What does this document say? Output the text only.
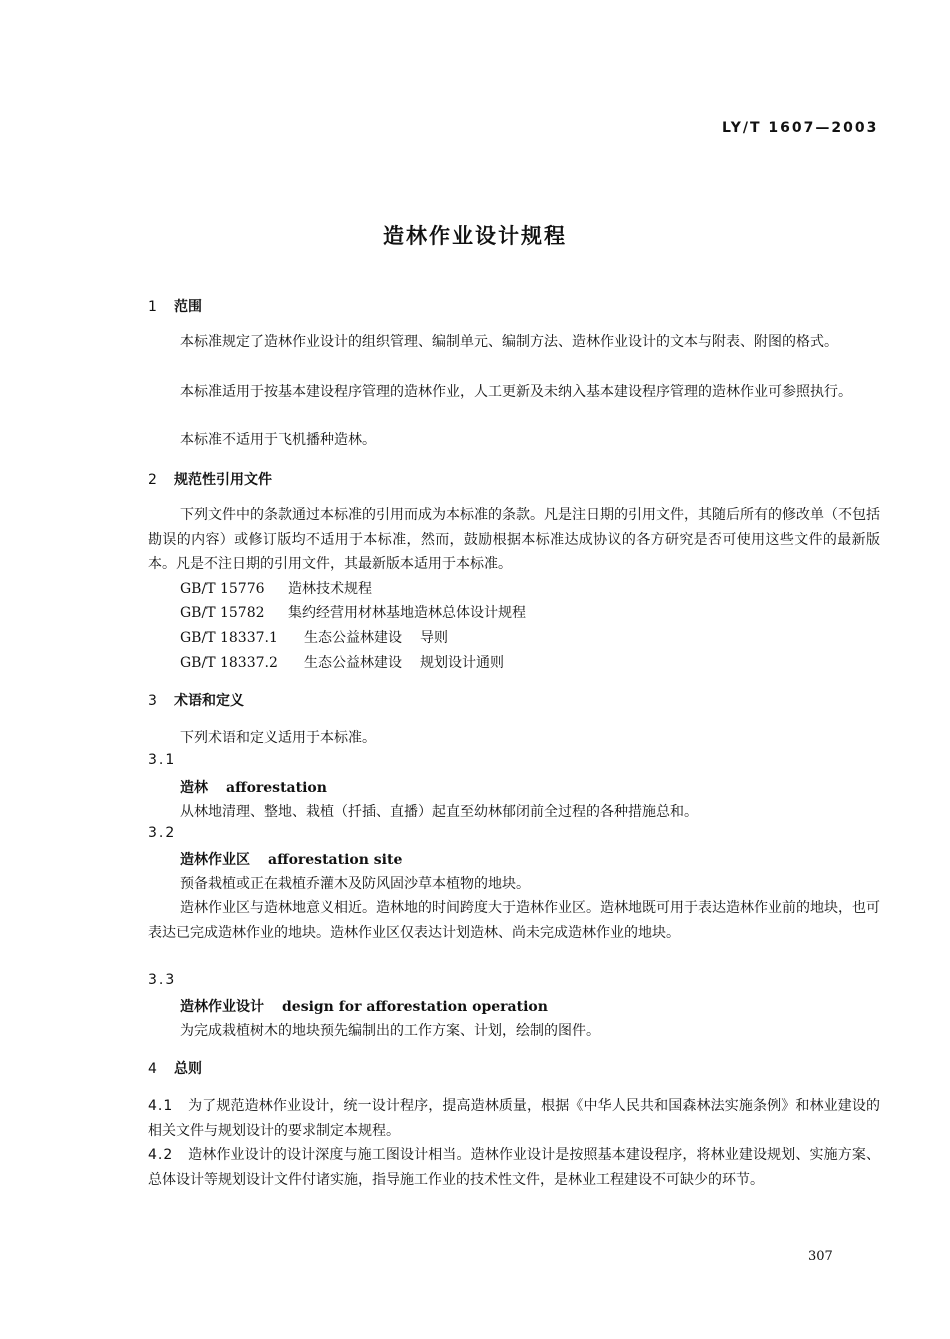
LY/T 1607—2003
造林作业设计规程
1 范围
本标准规定了造林作业设计的组织管理、编制单元、编制方法、造林作业设计的文本与附表、附图的格式。
本标准适用于按基本建设程序管理的造林作业，人工更新及未纳入基本建设程序管理的造林作业可参照执行。
本标准不适用于飞机播种造林。
2 规范性引用文件
下列文件中的条款通过本标准的引用而成为本标准的条款。凡是注日期的引用文件，其随后所有的修改单（不包括勘误的内容）或修订版均不适用于本标准，然而，鼓励根据本标准达成协议的各方研究是否可使用这些文件的最新版本。凡是不注日期的引用文件，其最新版本适用于本标准。
GB/T 15776 造林技术规程
GB/T 15782 集约经营用材林基地造林总体设计规程
GB/T 18337.1 生态公益林建设 导则
GB/T 18337.2 生态公益林建设 规划设计通则
3 术语和定义
下列术语和定义适用于本标准。
3.1
造林 afforestation
从林地清理、整地、栽植（扦插、直播）起直至幼林郁闭前全过程的各种措施总和。
3.2
造林作业区 afforestation site
预备栽植或正在栽植乔灌木及防风固沙草本植物的地块。
造林作业区与造林地意义相近。造林地的时间跨度大于造林作业区。造林地既可用于表达造林作业前的地块，也可表达已完成造林作业的地块。造林作业区仅表达计划造林、尚未完成造林作业的地块。
3.3
造林作业设计 design for afforestation operation
为完成栽植树木的地块预先编制出的工作方案、计划，绘制的图件。
4 总则
4.1 为了规范造林作业设计，统一设计程序，提高造林质量，根据《中华人民共和国森林法实施条例》和林业建设的相关文件与规划设计的要求制定本规程。
4.2 造林作业设计的设计深度与施工图设计相当。造林作业设计是按照基本建设程序，将林业建设规划、实施方案、总体设计等规划设计文件付诸实施，指导施工作业的技术性文件，是林业工程建设不可缺少的环节。
307
